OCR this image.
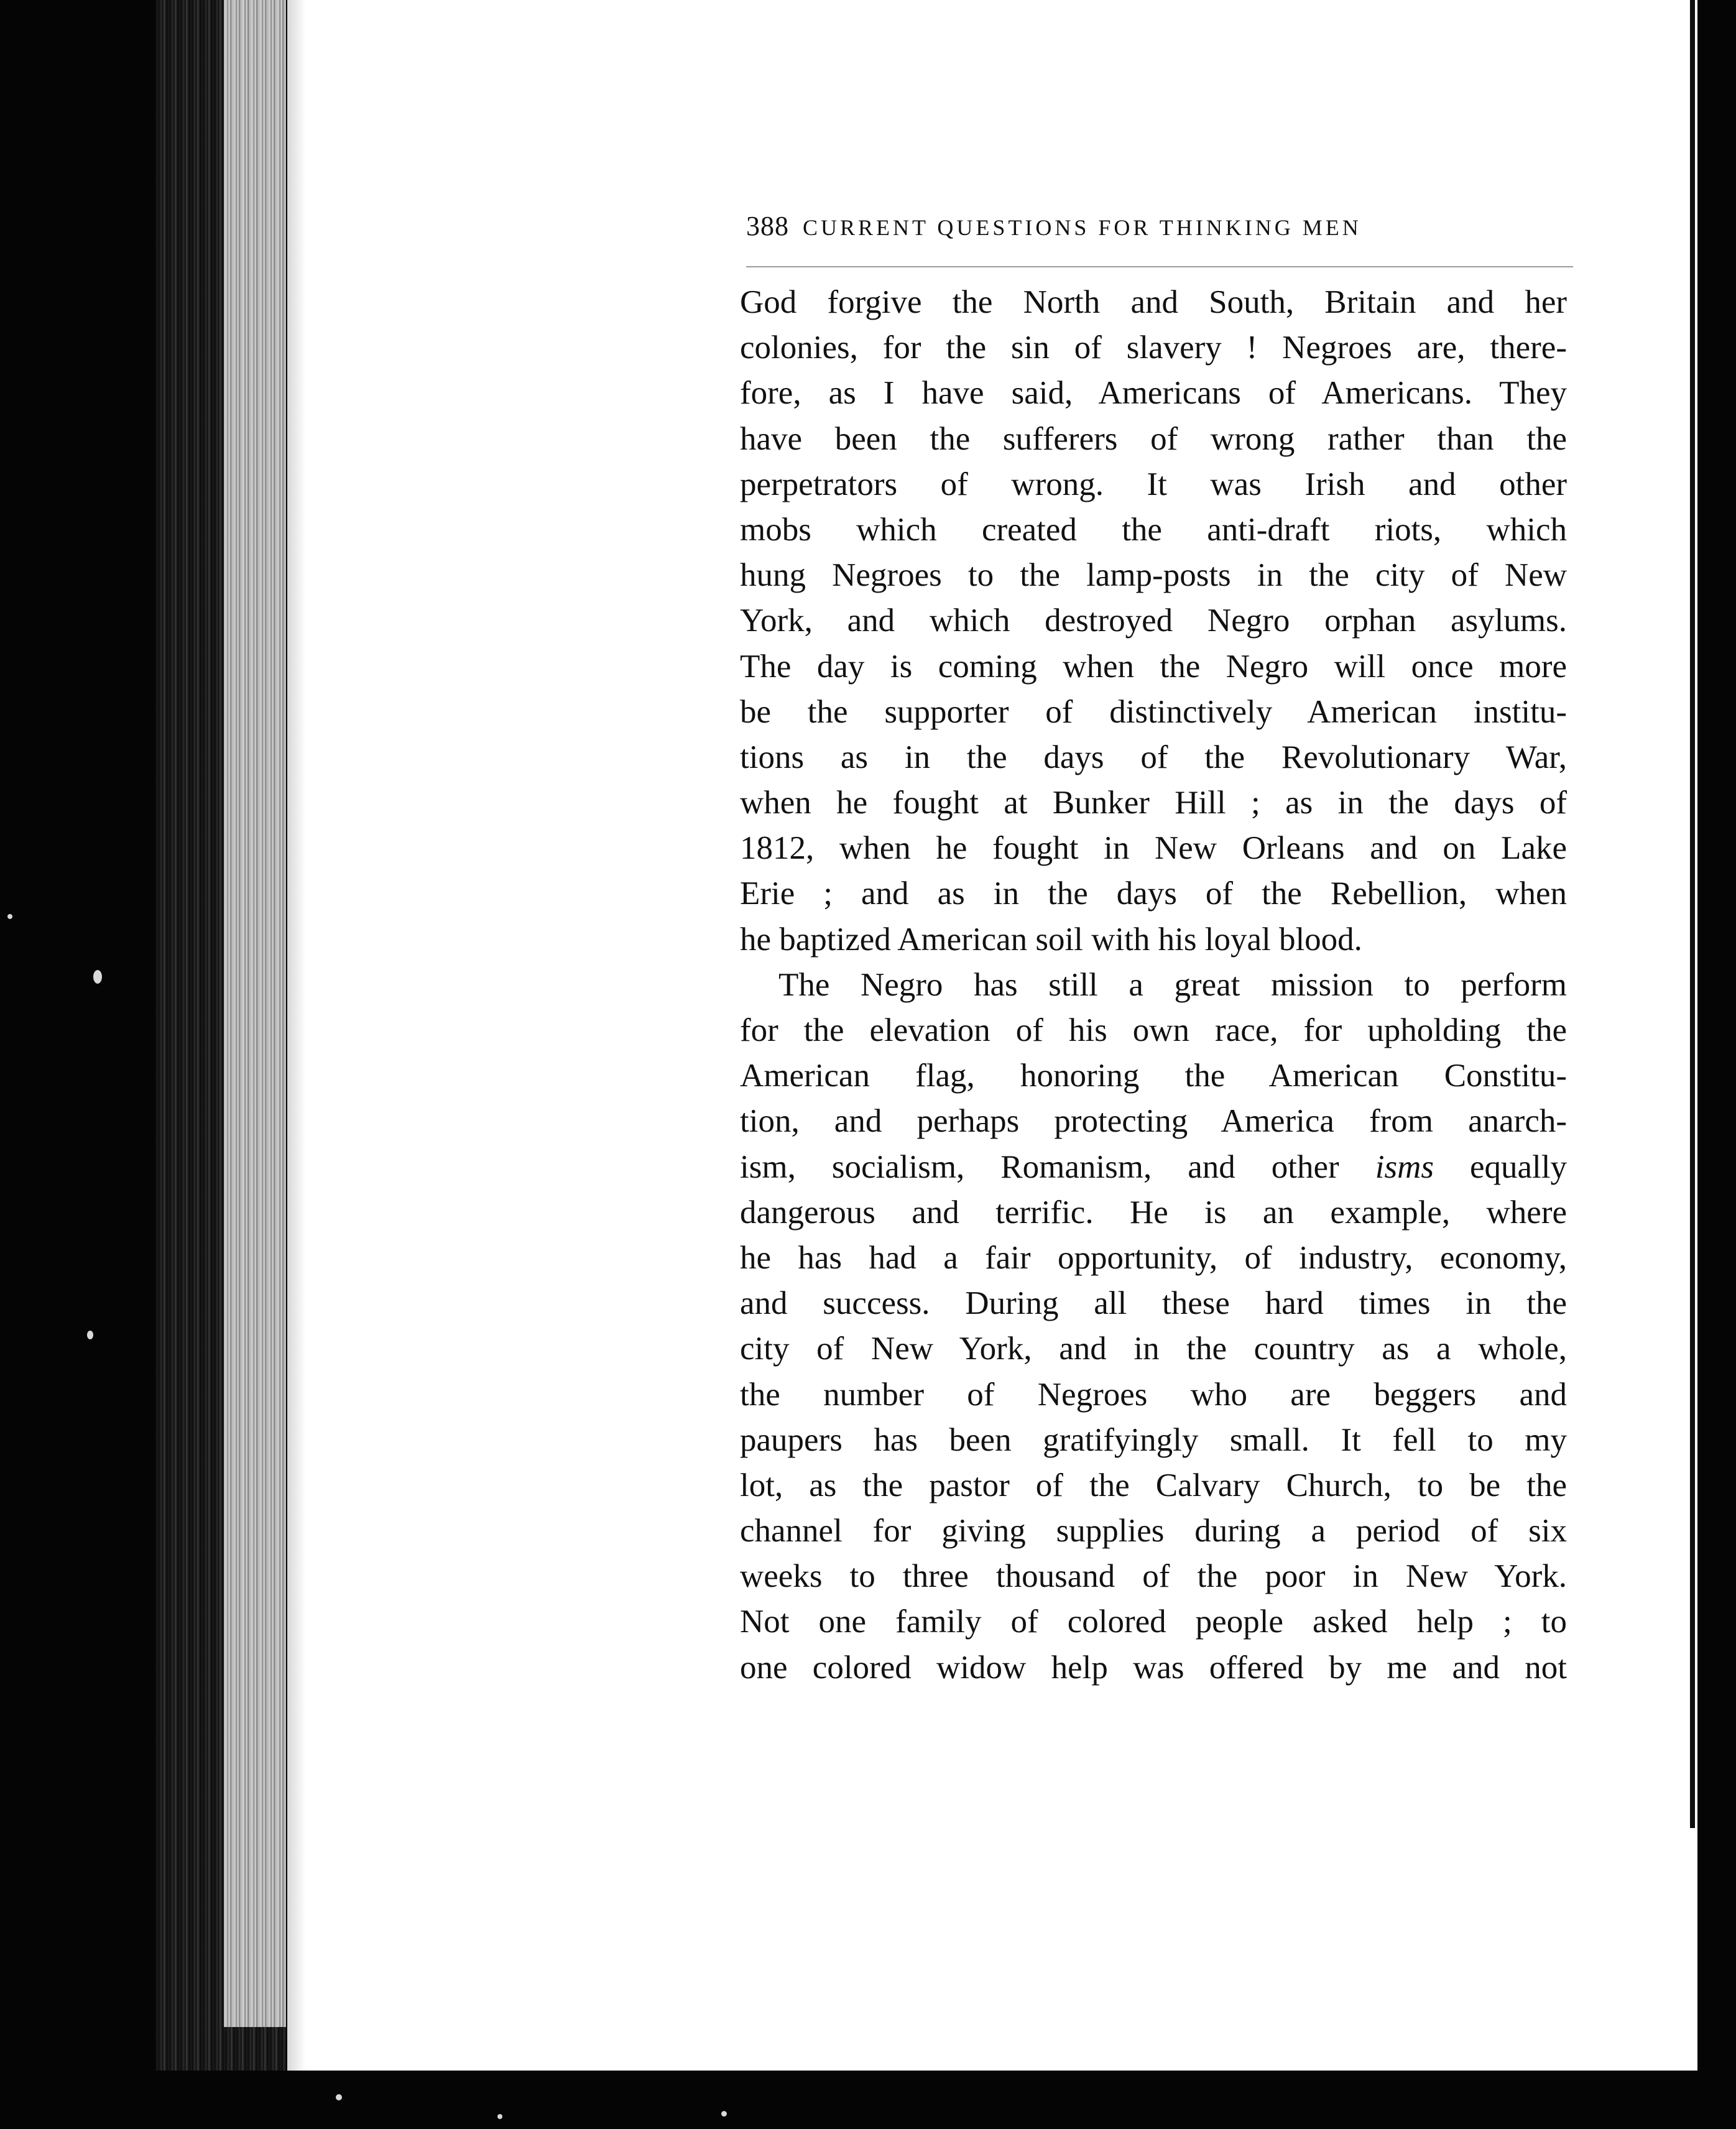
388 CURRENT QUESTIONS FOR THINKING MEN
God forgive the North and South, Britain and her
colonies, for the sin of slavery ! Negroes are, there-
fore, as I have said, Americans of Americans. They
have been the sufferers of wrong rather than the
perpetrators of wrong. It was Irish and other
mobs which created the anti-draft riots, which
hung Negroes to the lamp-posts in the city of New
York, and which destroyed Negro orphan asylums.
The day is coming when the Negro will once more
be the supporter of distinctively American institu-
tions as in the days of the Revolutionary War,
when he fought at Bunker Hill ; as in the days of
1812, when he fought in New Orleans and on Lake
Erie ; and as in the days of the Rebellion, when
he baptized American soil with his loyal blood.
The Negro has still a great mission to perform
for the elevation of his own race, for upholding the
American flag, honoring the American Constitu-
tion, and perhaps protecting America from anarch-
ism, socialism, Romanism, and other isms equally
dangerous and terrific. He is an example, where
he has had a fair opportunity, of industry, economy,
and success. During all these hard times in the
city of New York, and in the country as a whole,
the number of Negroes who are beggers and
paupers has been gratifyingly small. It fell to my
lot, as the pastor of the Calvary Church, to be the
channel for giving supplies during a period of six
weeks to three thousand of the poor in New York.
Not one family of colored people asked help ; to
one colored widow help was offered by me and not
